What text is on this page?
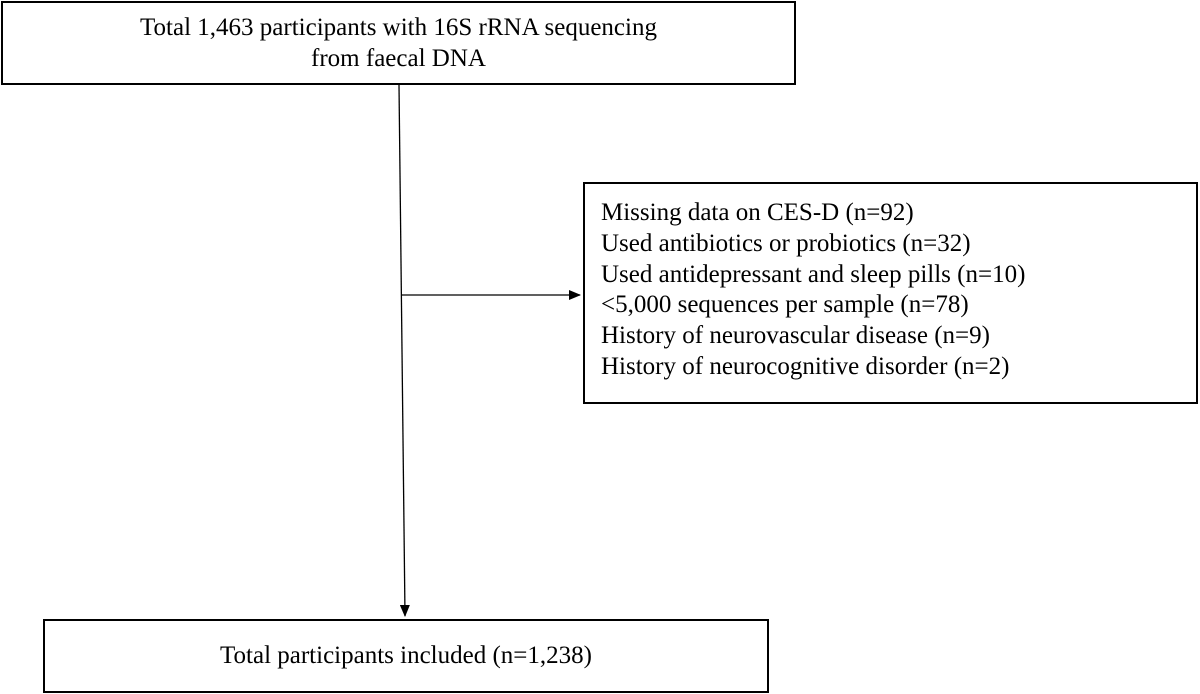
Total 1,463 participants with 16S rRNA sequencing
from faecal DNA
Missing data on CES-D (n=92)
Used antibiotics or probiotics (n=32)
Used antidepressant and sleep pills (n=10)
<5,000 sequences per sample (n=78)
History of neurovascular disease (n=9)
History of neurocognitive disorder (n=2)
Total participants included (n=1,238)
